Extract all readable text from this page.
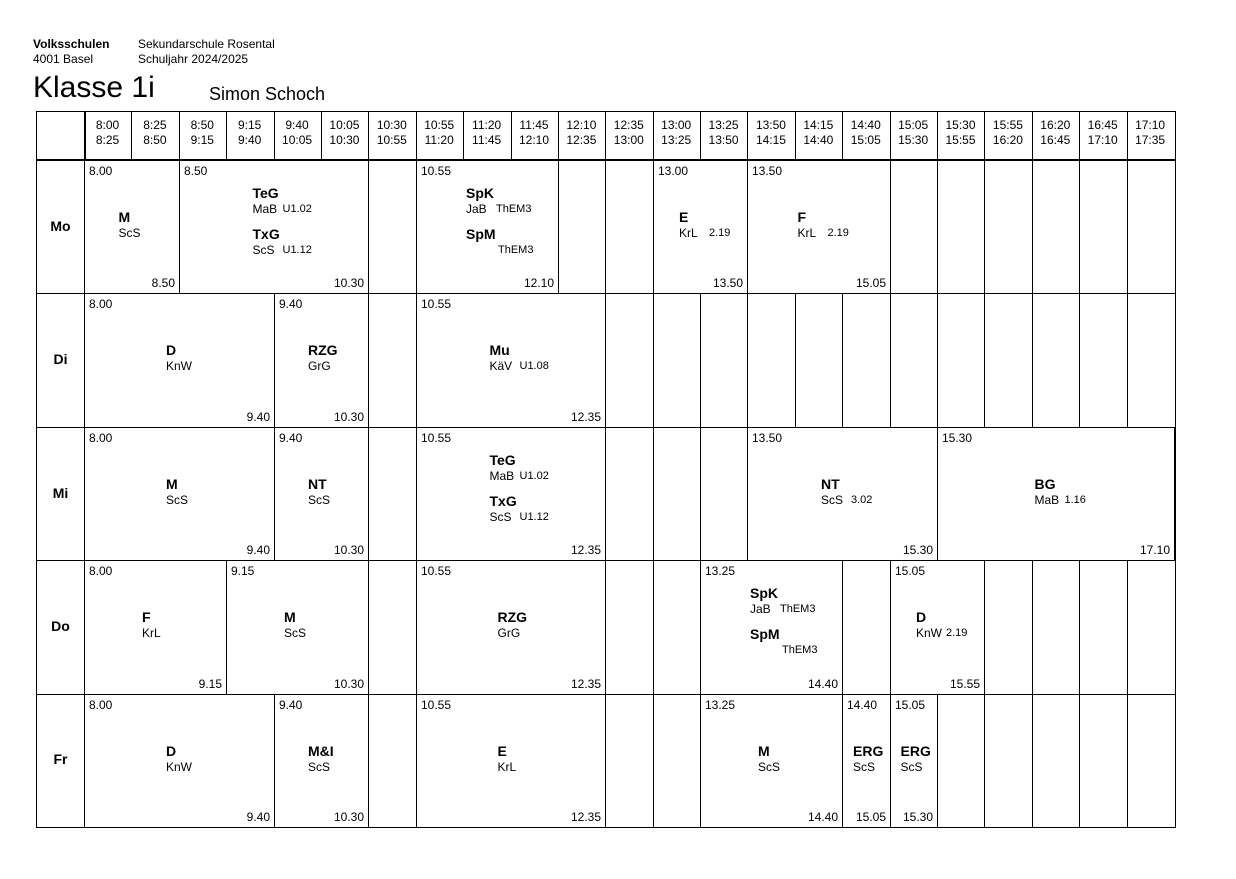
Volksschulen
4001 Basel
Sekundarschule Rosental
Schuljahr 2024/2025
Klasse 1i	Simon Schoch
8:00
8:25
8:25
8:50
8:50
9:15
9:15
9:40
9:40
10:05
10:05
10:30
10:30
10:55
10:55
11:20
11:20
11:45
11:45
12:10
12:10
12:35
12:35
13:00
13:00
13:25
13:25
13:50
13:50
14:15
14:15
14:40
14:40
15:05
15:05
15:30
15:30
15:55
15:55
16:20
16:20
16:45
16:45
17:10
17:10
17:35
Mo
Di
Mi
Do
Fr
8.00
8.50
M
ScS
8.50
10.30
TeG
MaB U1.02
TxG
ScS U1.12
10.55
12.10
SpK
JaB ThEM3
SpM
ThEM3
13.00
13.50
E
KrL 2.19
13.50
15.05
F
KrL 2.19
8.00
9.40
D
KnW
9.40
10.30
RZG
GrG
10.55
12.35
Mu
KäV U1.08
8.00
9.40
M
ScS
9.40
10.30
NT
ScS
10.55
12.35
TeG
MaB U1.02
TxG
ScS U1.12
13.50
15.30
NT
ScS 3.02
15.30
17.10
BG
MaB 1.16
8.00
9.15
F
KrL
9.15
10.30
M
ScS
10.55
12.35
RZG
GrG
13.25
14.40
SpK
JaB ThEM3
SpM
ThEM3
15.05
15.55
D
KnW 2.19
8.00
9.40
D
KnW
9.40
10.30
M&I
ScS
10.55
12.35
E
KrL
13.25
14.40
M
ScS
14.40
15.05
ERG
ScS
15.05
15.30
ERG
ScS
